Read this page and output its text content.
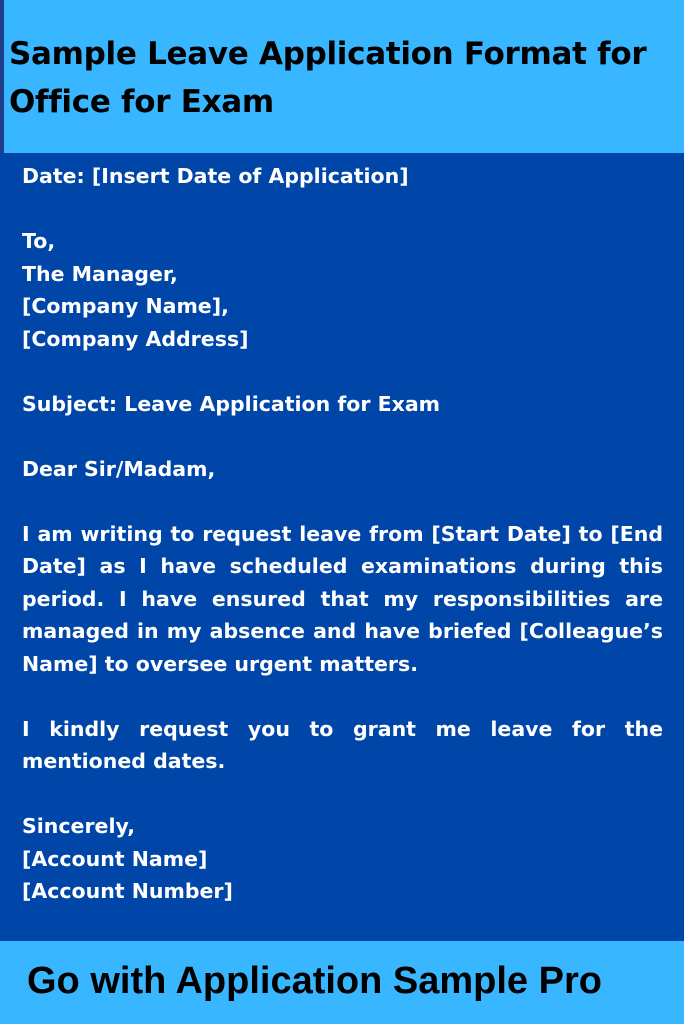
Sample Leave Application Format for
Office for Exam
Date: [Insert Date of Application]
To,
The Manager,
[Company Name],
[Company Address]
Subject: Leave Application for Exam
Dear Sir/Madam,
I am writing to request leave from [Start Date] to [End Date] as I have scheduled examinations during this period. I have ensured that my responsibilities are managed in my absence and have briefed [Colleague’s Name] to oversee urgent matters.
I kindly request you to grant me leave for the mentioned dates.
Sincerely,
[Account Name]
[Account Number]

Go with Application Sample Pro
